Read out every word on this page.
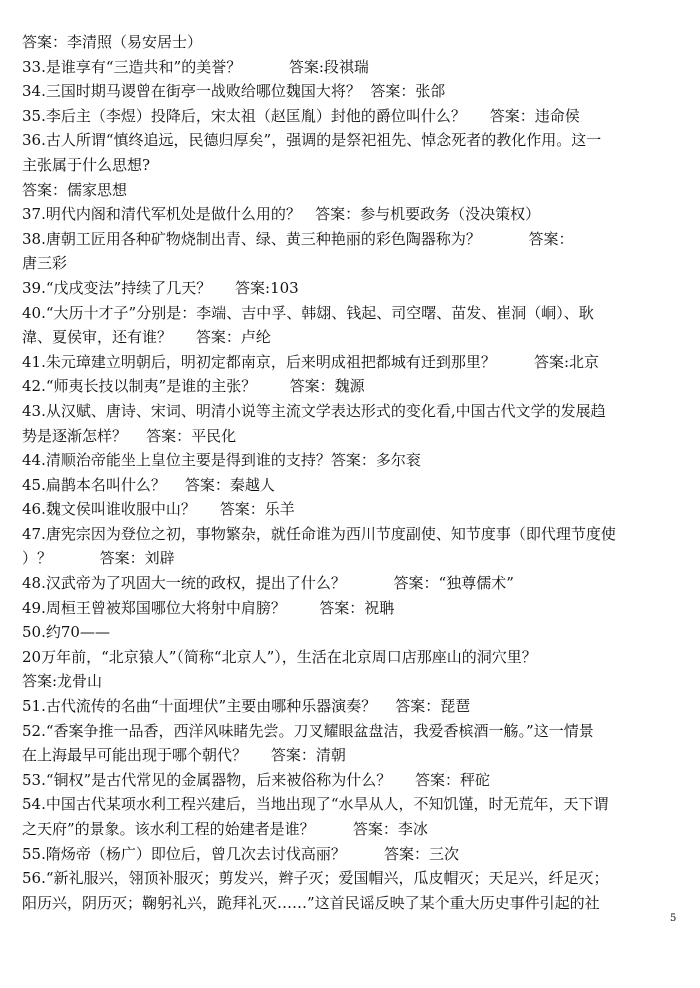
答案：李清照（易安居士）
33.是谁享有“三造共和”的美誉？          答案:段祺瑞
34.三国时期马谡曾在街亭一战败给哪位魏国大将？  答案：张郃
35.李后主（李煜）投降后，宋太祖（赵匡胤）封他的爵位叫什么？     答案：违命侯
36.古人所谓“慎终追远，民德归厚矣”，强调的是祭祀祖先、悼念死者的教化作用。这一
主张属于什么思想?
答案：儒家思想
37.明代内阁和清代军机处是做什么用的？   答案：参与机要政务（没决策权）
38.唐朝工匠用各种矿物烧制出青、绿、黄三种艳丽的彩色陶器称为？          答案：
唐三彩
39.“戊戌变法”持续了几天？     答案:103
40.“大历十才子”分别是：李端、吉中孚、韩翃、钱起、司空曙、苗发、崔洞（峒）、耿
湋、夏侯审，还有谁？     答案：卢纶
41.朱元璋建立明朝后，明初定都南京，后来明成祖把都城有迁到那里？        答案:北京
42.“师夷长技以制夷”是谁的主张？       答案：魏源
43.从汉赋、唐诗、宋词、明清小说等主流文学表达形式的变化看,中国古代文学的发展趋
势是逐渐怎样？    答案：平民化
44.清顺治帝能坐上皇位主要是得到谁的支持？答案：多尔衮
45.扁鹊本名叫什么？    答案：秦越人
46.魏文侯叫谁收服中山？     答案：乐羊
47.唐宪宗因为登位之初，事物繁杂，就任命谁为西川节度副使、知节度事（即代理节度使
）？          答案：刘辟
48.汉武帝为了巩固大一统的政权，提出了什么？          答案：“独尊儒术”
49.周桓王曾被郑国哪位大将射中肩膀？       答案：祝聃
50.约70——
20万年前，“北京猿人”（简称“北京人”），生活在北京周口店那座山的洞穴里？
答案:龙骨山
51.古代流传的名曲“十面埋伏”主要由哪种乐器演奏？    答案：琵琶
52.“香案争推一品香，西洋风味睹先尝。刀叉耀眼盆盘洁，我爱香槟酒一觞。”这一情景
在上海最早可能出现于哪个朝代？     答案：清朝
53.“铜权”是古代常见的金属器物，后来被俗称为什么？     答案：秤砣
54.中国古代某项水利工程兴建后，当地出现了“水旱从人，不知饥馑，时无荒年，天下谓
之天府”的景象。该水利工程的始建者是谁？        答案：李冰
55.隋炀帝（杨广）即位后，曾几次去讨伐高丽？        答案：三次
56.“新礼服兴，翎顶补服灭；剪发兴，辫子灭；爱国帽兴，瓜皮帽灭；天足兴，纤足灭；
阳历兴，阴历灭；鞠躬礼兴，跪拜礼灭……”这首民谣反映了某个重大历史事件引起的社
5
